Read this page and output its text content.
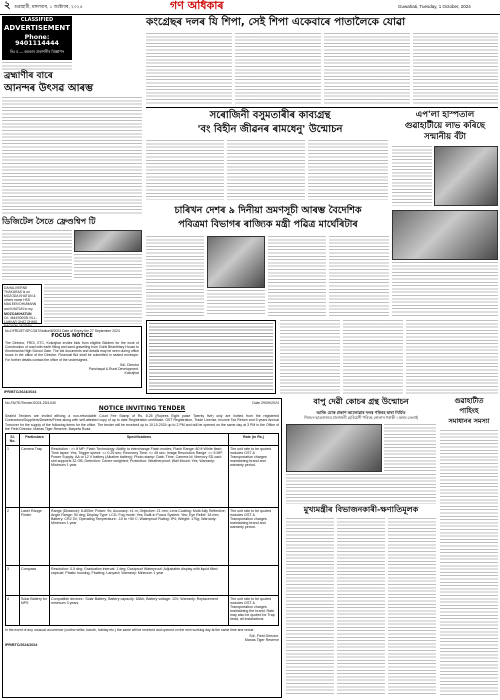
২ গুৱাহাটী, মঙ্গলবাৰ, ১ অক্টোবৰ, ২০২৪	গণ অধিকাৰ	Guwahati, Tuesday, 1 October, 2024
CLASSIFIED
ADVERTISEMENT
Phone: 9401114444
নিঃ ম — কমকাৰ প্ৰকাশনীৰ বিজ্ঞাপন
ব্ৰহ্মাণীৰ বাৰে
আনন্দৰ উৎসৱ আৰম্ভ
ডিজিটেল সৈতে ফ্ৰেণ্ডশ্বিপ টি
DAHALIVERNE THAKURAS is on MOZODA KHATUN & others name HSS MAILEEN DHUMANN and KHATUN to my
MOZOAKHATUN
Crt. 4644/9000/B VILL - LAHKAR GHAT DHING NAGAON JAGDAN
No.DFRD/ET/SFC/347/Notice/8/2024 Date of Expiry the 27 September 2024
FOCUS NOTICE
The Director, FRDI, ETC, Kokrajhar invites bids from eligible Bidders for the work of Construction of road with earth filling and sand gravelling from Gohti Bhanthtary House to Khurbhanha High School Gate. The bid documents and details may be seen during office hours in the office of the Director. Financial Bid shall be submitted in sealed envelope. For further details contact the office of the undersigned.
Sd/- Director
Panchayat & Rural Development,
Kokrajhar
IPR/BTC/2624/2024
No.FA/TE/Tender/2024-25/1040	Date 29/09/2024
NOTICE INVITING TENDER
Sealed Tenders are invited affixing a non-refundable Court Fee Stamp of Rs. 8.25 (Rupees Eight paise Twenty five) only are invited from the registered Contractors/Suppliers/Dealers/Firms along with self-attested copy of up to date Registration certificate, GST Registration, Trade License, Income Tax Return and 5 years Annual Turnover for the supply of the following items for the office. The tender will be received up to 10.10.2024 up to 2 PM and will be opened on the same day at 3 PM in the Office of the Field Director, Manas Tiger Reserve, Barpeta Road.
Sl. No.	Particulars	Specifications	Rate (in Rs.)
1	Camera Trap	Resolution : >= 8 MP; Flash Technology: Ability to interchange Flash modes; Flash Range: 80 ft White flash; Time lapse: Yes; Trigger speed: <= 0.25 sec; Recovery Time: <= 45 sec; Image Resolution Range: >= 5 MP; Power Supply: AA or 12 V battery (Alkaline battery); Photo stamp: Date, Time, Camera Id; Memory SD card slot supports 32 GB; Detection: Centre weighted; Protection: Weatherproof; Wall Mount: Yes; Warranty: Minimum 1 year	The unit rate to be quoted includes GST & Transportation charges maintaining brand and warranty period.
2	Laser Range Finder	Range (Distance): 6-800m; Power: 9v; Accuracy: ±1 m; Objective: 21 mm; Lens Coating: Multi-fully Reflective; Angle Range: 90 deg; Display Type: LCD; Fog mode: Yes; Built-in Focus System: Yes; Eye Relief: 18 mm; Battery: CR2 3V; Operating Temperature: -10 to +50 C; Waterproof Rating: IP4; Weight: 170g; Warranty: Minimum 1 year	The unit rate to be quoted includes GST & Transportation charges maintaining brand and warranty period.
3	Compass	Resolution: 0.5 deg; Graduation interval: 1 deg; Dustproof Waterproof; Adjustable display with liquid filled capsule; Plastic housing, Floating, Lanyard; Warranty: Minimum 1 year	
4	Solar Battery for NPS	Compatible devices : Solar Battery; Battery capacity: 65Ah; Battery voltage: 12V; Warranty: Replacement minimum 3 years.	The unit rate to be quoted includes GST & Transportation charges maintaining the brand. Rate may also be quoted for Trap head, all installations
In the event of any unusual occurrence (curfew strike, bandh, holiday etc.) the same will be received and opened on the next working day at the same time and venue.
Sd/- Field Director,
Manas Tiger Reserve
IPR/BTC/2624/2024
কংগ্ৰেছৰ দলৰ যি শিপা, সেই শিপা একেবাৰে পাতালৈকে যোৱা
সৰোজিনী বসুমতাৰীৰ কাব্যগ্ৰন্থ
'বং বিহীন জীৱনৰ ৰামধেনু' উন্মোচন
এপ'লা হাস্পতাল
গুৱাহাটীয়ে লাভ কৰিছে
সন্মানীয় বঁটা
চাৰিখন দেশৰ ৯ দিনীয়া ভ্ৰমণসূচী আৰম্ভ বৈদেশিক
পবিত্ৰমা বিভাগৰ ৰাজ্যিক মন্ত্ৰী পৱিত্ৰ মাৰ্ঘেৰিটাৰ
বাপু দেৱী কোচৰ গ্ৰন্থ উন্মোচন
আজি মোক প্ৰকাশ আলোৱাৰ দলৰ পৰিবহ দ্বাৰা নিৰ্মিত
শিলচৰ ছাত্ৰৰাজ্যৰ মালাজনী হেৰিয়েশী পৰিবহ নোলান গৰাকী । অসম তেলাই
মুখ্যমন্ত্ৰীৰ বিভাজনকাৰী-ক্ষণাতিমূলক
গুৱাহাটীত
পাহিংহ
সমাধানৰ সমস্যা
